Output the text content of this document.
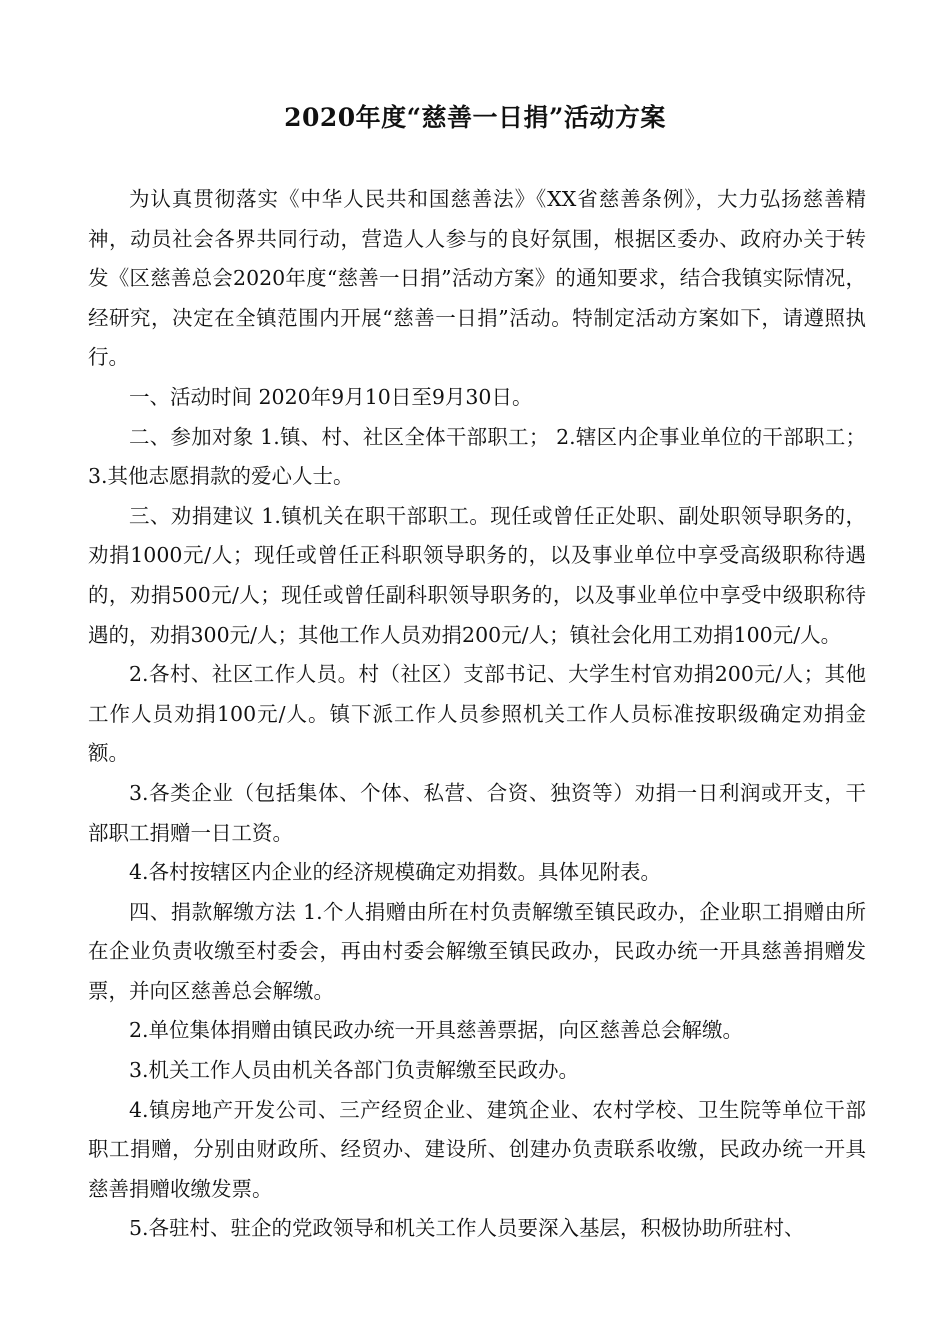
2020年度“慈善一日捐”活动方案

为认真贯彻落实《中华人民共和国慈善法》《XX省慈善条例》，大力弘扬慈善精神，动员社会各界共同行动，营造人人参与的良好氛围，根据区委办、政府办关于转发《区慈善总会2020年度“慈善一日捐”活动方案》的通知要求，结合我镇实际情况，经研究，决定在全镇范围内开展“慈善一日捐”活动。特制定活动方案如下，请遵照执行。

一、活动时间 2020年9月10日至9月30日。

二、参加对象 1.镇、村、社区全体干部职工； 2.辖区内企事业单位的干部职工； 3.其他志愿捐款的爱心人士。

三、劝捐建议 1.镇机关在职干部职工。现任或曾任正处职、副处职领导职务的，劝捐1000元/人；现任或曾任正科职领导职务的，以及事业单位中享受高级职称待遇的，劝捐500元/人；现任或曾任副科职领导职务的，以及事业单位中享受中级职称待遇的，劝捐300元/人；其他工作人员劝捐200元/人；镇社会化用工劝捐100元/人。

2.各村、社区工作人员。村（社区）支部书记、大学生村官劝捐200元/人；其他工作人员劝捐100元/人。镇下派工作人员参照机关工作人员标准按职级确定劝捐金额。

3.各类企业（包括集体、个体、私营、合资、独资等）劝捐一日利润或开支，干部职工捐赠一日工资。

4.各村按辖区内企业的经济规模确定劝捐数。具体见附表。

四、捐款解缴方法 1.个人捐赠由所在村负责解缴至镇民政办，企业职工捐赠由所在企业负责收缴至村委会，再由村委会解缴至镇民政办，民政办统一开具慈善捐赠发票，并向区慈善总会解缴。

2.单位集体捐赠由镇民政办统一开具慈善票据，向区慈善总会解缴。

3.机关工作人员由机关各部门负责解缴至民政办。

4.镇房地产开发公司、三产经贸企业、建筑企业、农村学校、卫生院等单位干部职工捐赠，分别由财政所、经贸办、建设所、创建办负责联系收缴，民政办统一开具慈善捐赠收缴发票。

5.各驻村、驻企的党政领导和机关工作人员要深入基层，积极协助所驻村、
